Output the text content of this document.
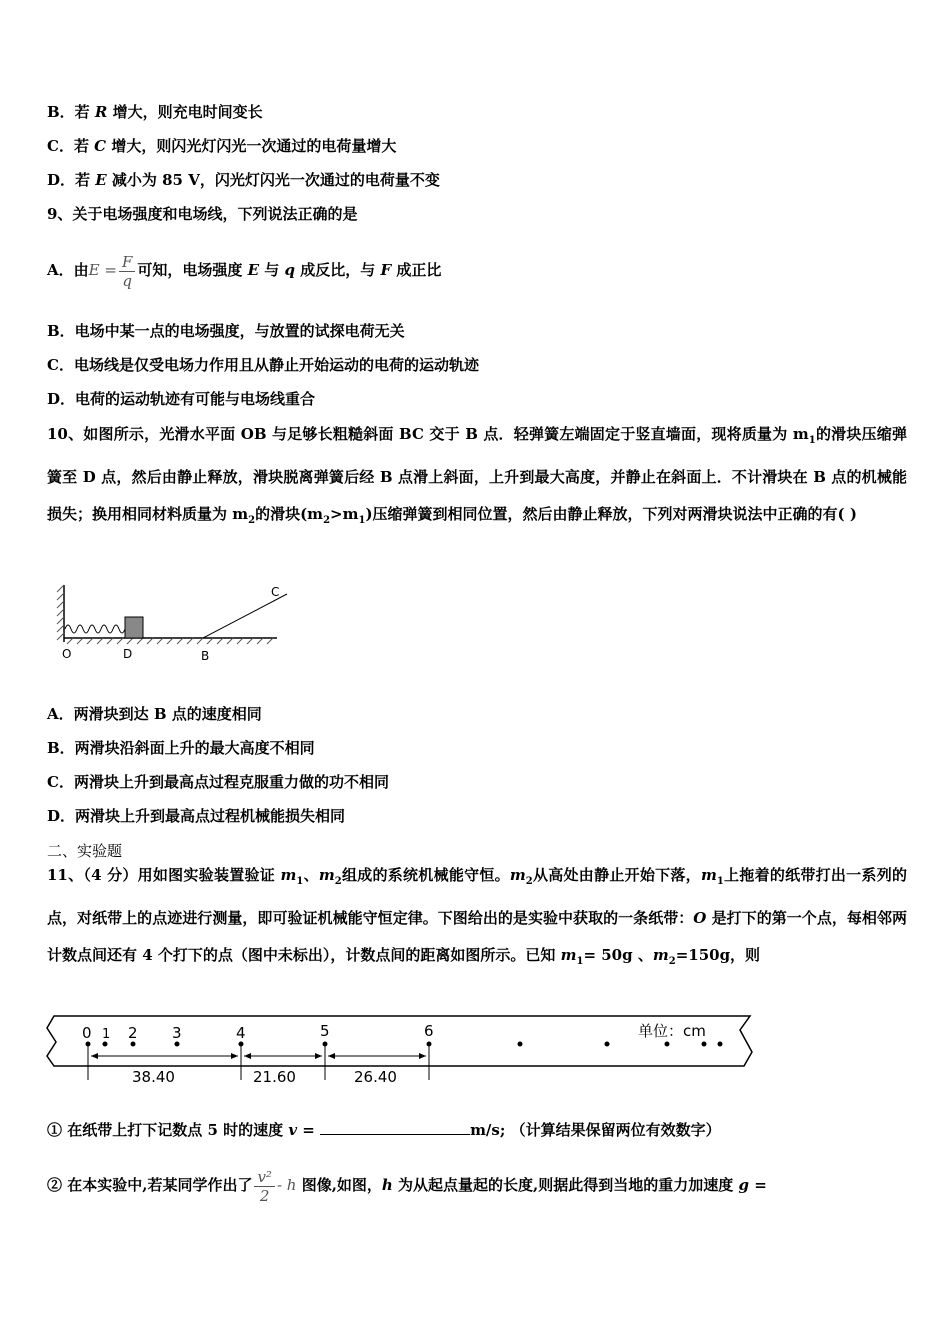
B．若 R 增大，则充电时间变长
C．若 C 增大，则闪光灯闪光一次通过的电荷量增大
D．若 E 减小为 85 V，闪光灯闪光一次通过的电荷量不变
9、关于电场强度和电场线，下列说法正确的是
A．由$E = \frac{F}{q}$ 可知，电场强度 E 与 q 成反比，与 F 成正比
B．电场中某一点的电场强度，与放置的试探电荷无关
C．电场线是仅受电场力作用且从静止开始运动的电荷的运动轨迹
D．电荷的运动轨迹有可能与电场线重合
10、如图所示，光滑水平面 OB 与足够长粗糙斜面 BC 交于 B 点．轻弹簧左端固定于竖直墙面，现将质量为 $m_1$的滑块压缩弹簧至 D 点，然后由静止释放，滑块脱离弹簧后经 B 点滑上斜面，上升到最大高度，并静止在斜面上．不计滑块在 B 点的机械能损失；换用相同材料质量为 $m_2$的滑块$(m_2>m_1)$压缩弹簧到相同位置，然后由静止释放，下列对两滑块说法中正确的有( )
O	D	B
C
A．两滑块到达 B 点的速度相同
B．两滑块沿斜面上升的最大高度不相同
C．两滑块上升到最高点过程克服重力做的功不相同
D．两滑块上升到最高点过程机械能损失相同
二、实验题
11、（4 分）用如图实验装置验证 $m_1$、$m_2$组成的系统机械能守恒。$m_2$从高处由静止开始下落，$m_1$上拖着的纸带打出一系列的点，对纸带上的点迹进行测量，即可验证机械能守恒定律。下图给出的是实验中获取的一条纸带：O 是打下的第一个点，每相邻两计数点间还有 4 个打下的点（图中未标出），计数点间的距离如图所示。已知 $m_1= 50g$ 、$m_2=150g$，则
0 1 2 3	4	5	6	单位：cm
38.40	21.60	26.40
① 在纸带上打下记数点 5 时的速度 v =	m/s; （计算结果保留两位有效数字）
② 在本实验中,若某同学作出了 $\frac{\text{v²}}{2}$ - h 图像,如图，h 为从起点量起的长度,则据此得到当地的重力加速度 g =
